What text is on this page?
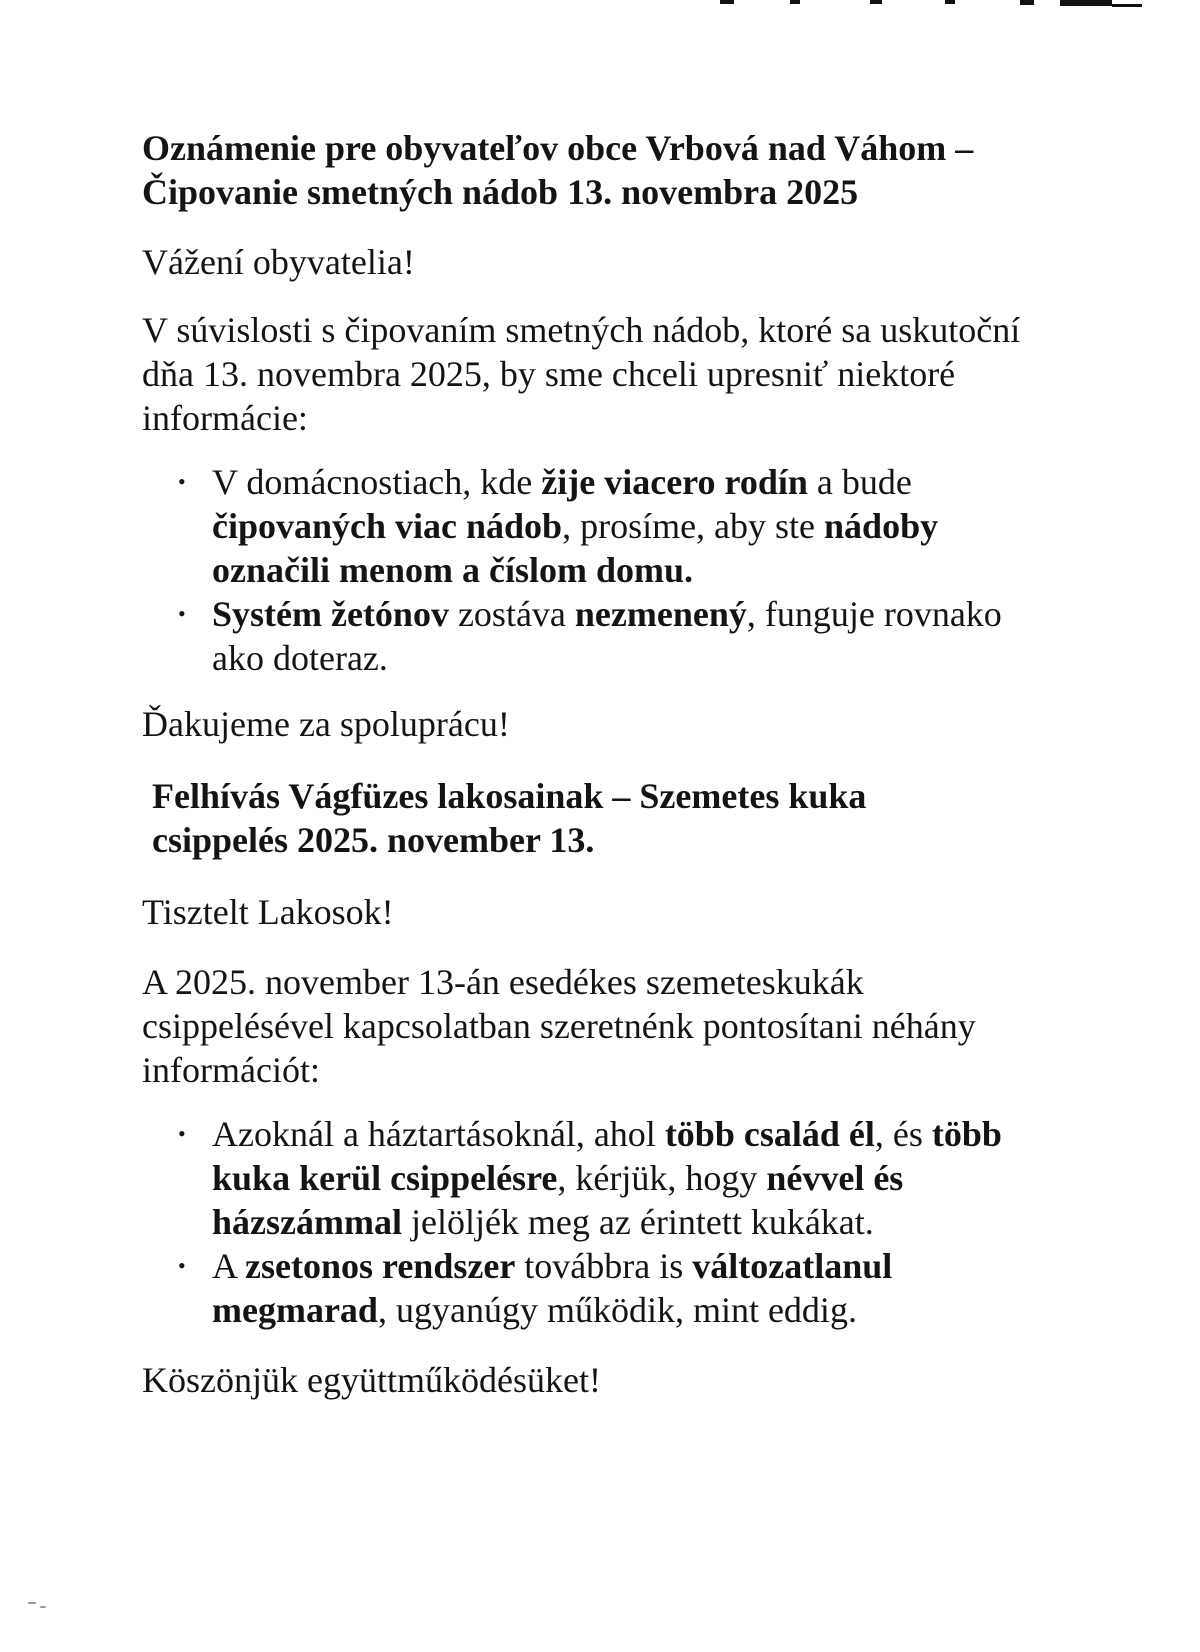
Oznámenie pre obyvateľov obce Vrbová nad Váhom – Čipovanie smetných nádob 13. novembra 2025

Vážení obyvatelia!

V súvislosti s čipovaním smetných nádob, ktoré sa uskutoční dňa 13. novembra 2025, by sme chceli upresniť niektoré informácie:

• V domácnostiach, kde žije viacero rodín a bude čipovaných viac nádob, prosíme, aby ste nádoby označili menom a číslom domu.
• Systém žetónov zostáva nezmenený, funguje rovnako ako doteraz.

Ďakujeme za spoluprácu!

Felhívás Vágfüzes lakosainak – Szemetes kuka csippelés 2025. november 13.

Tisztelt Lakosok!

A 2025. november 13-án esedékes szemeteskukák csippelésével kapcsolatban szeretnénk pontosítani néhány információt:

• Azoknál a háztartásoknál, ahol több család él, és több kuka kerül csippelésre, kérjük, hogy névvel és házszámmal jelöljék meg az érintett kukákat.
• A zsetonos rendszer továbbra is változatlanul megmarad, ugyanúgy működik, mint eddig.

Köszönjük együttműködésüket!
